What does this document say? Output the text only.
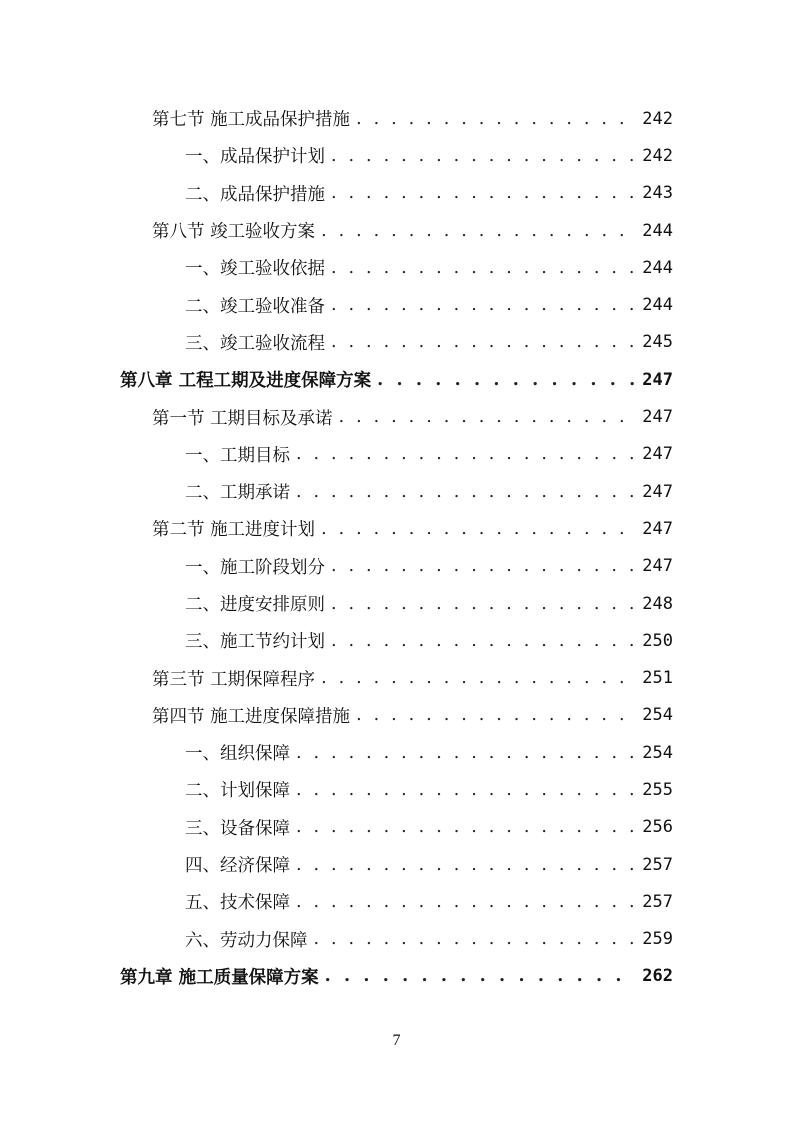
第七节 施工成品保护措施 . . .	242
一、成品保护计划 . . .	242
二、成品保护措施 . . .	243
第八节 竣工验收方案 . . .	244
一、竣工验收依据 . . .	244
二、竣工验收准备 . . .	244
三、竣工验收流程 . . .	245
第八章 工程工期及进度保障方案 . . .	247
第一节 工期目标及承诺 . . .	247
一、工期目标 . . .	247
二、工期承诺 . . .	247
第二节 施工进度计划 . . .	247
一、施工阶段划分 . . .	247
二、进度安排原则 . . .	248
三、施工节约计划 . . .	250
第三节 工期保障程序 . . .	251
第四节 施工进度保障措施 . . .	254
一、组织保障 . . .	254
二、计划保障 . . .	255
三、设备保障 . . .	256
四、经济保障 . . .	257
五、技术保障 . . .	257
六、劳动力保障 . . .	259
第九章 施工质量保障方案 . . .	262
7
